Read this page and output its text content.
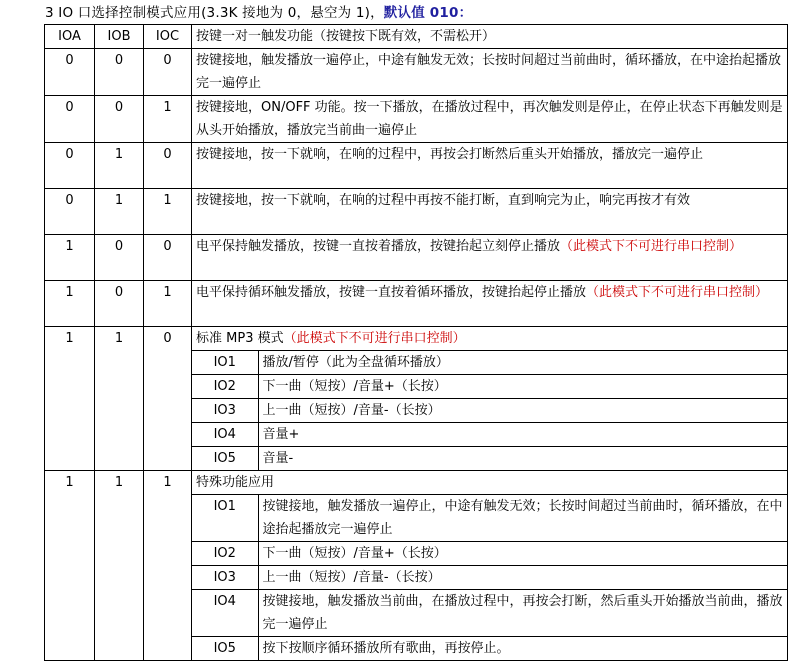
3 IO 口选择控制模式应用(3.3K 接地为 0，悬空为 1)，默认值 010：
IOA	IOB	IOC	按键一对一触发功能（按键按下既有效，不需松开）
0	0	0	按键接地，触发播放一遍停止，中途有触发无效；长按时间超过当前曲时，循环播放，在中途抬起播放完一遍停止
0	0	1	按键接地，ON/OFF 功能。按一下播放，在播放过程中，再次触发则是停止，在停止状态下再触发则是从头开始播放，播放完当前曲一遍停止
0	1	0	按键接地，按一下就响，在响的过程中，再按会打断然后重头开始播放，播放完一遍停止
0	1	1	按键接地，按一下就响，在响的过程中再按不能打断，直到响完为止，响完再按才有效
1	0	0	电平保持触发播放，按键一直按着播放，按键抬起立刻停止播放（此模式下不可进行串口控制）
1	0	1	电平保持循环触发播放，按键一直按着循环播放，按键抬起停止播放（此模式下不可进行串口控制）
1	1	0	标准 MP3 模式（此模式下不可进行串口控制）
IO1	播放/暂停（此为全盘循环播放）
IO2	下一曲（短按）/音量+（长按）
IO3	上一曲（短按）/音量-（长按）
IO4	音量+
IO5	音量-

1	1	1	特殊功能应用
IO1	按键接地，触发播放一遍停止，中途有触发无效；长按时间超过当前曲时，循环播放，在中途抬起播放完一遍停止
IO2	下一曲（短按）/音量+（长按）
IO3	上一曲（短按）/音量-（长按）
IO4	按键接地，触发播放当前曲，在播放过程中，再按会打断，然后重头开始播放当前曲，播放完一遍停止
IO5	按下按顺序循环播放所有歌曲，再按停止。
